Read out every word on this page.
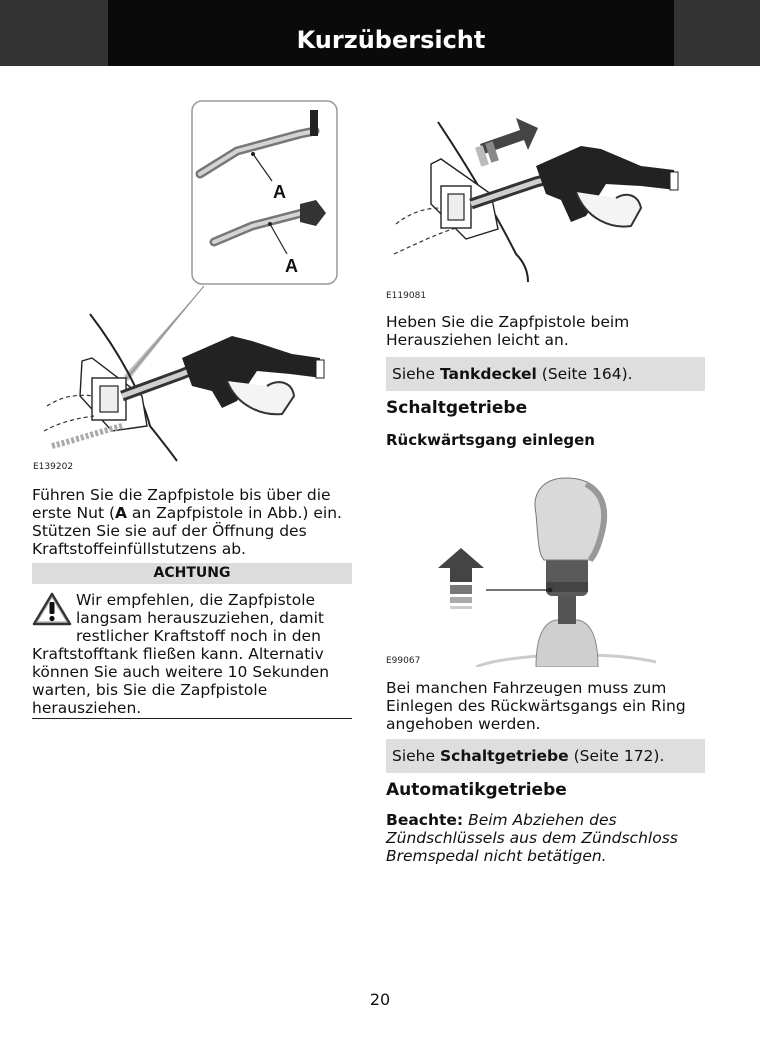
Kurzübersicht
A
A
E139202
Führen Sie die Zapfpistole bis über die
erste Nut (A an Zapfpistole in Abb.) ein.
Stützen Sie sie auf der Öffnung des
Kraftstoffeinfüllstutzens ab.
ACHTUNG
Wir empfehlen, die Zapfpistole
langsam herauszuziehen, damit
restlicher Kraftstoff noch in den
Kraftstofftank fließen kann. Alternativ
können Sie auch weitere 10 Sekunden
warten, bis Sie die Zapfpistole
herausziehen.
E119081
Heben Sie die Zapfpistole beim
Herausziehen leicht an.
Siehe Tankdeckel (Seite 164).
Schaltgetriebe
Rückwärtsgang einlegen
E99067
Bei manchen Fahrzeugen muss zum
Einlegen des Rückwärtsgangs ein Ring
angehoben werden.
Siehe Schaltgetriebe (Seite 172).
Automatikgetriebe
Beachte: Beim Abziehen des
Zündschlüssels aus dem Zündschloss
Bremspedal nicht betätigen.
20
